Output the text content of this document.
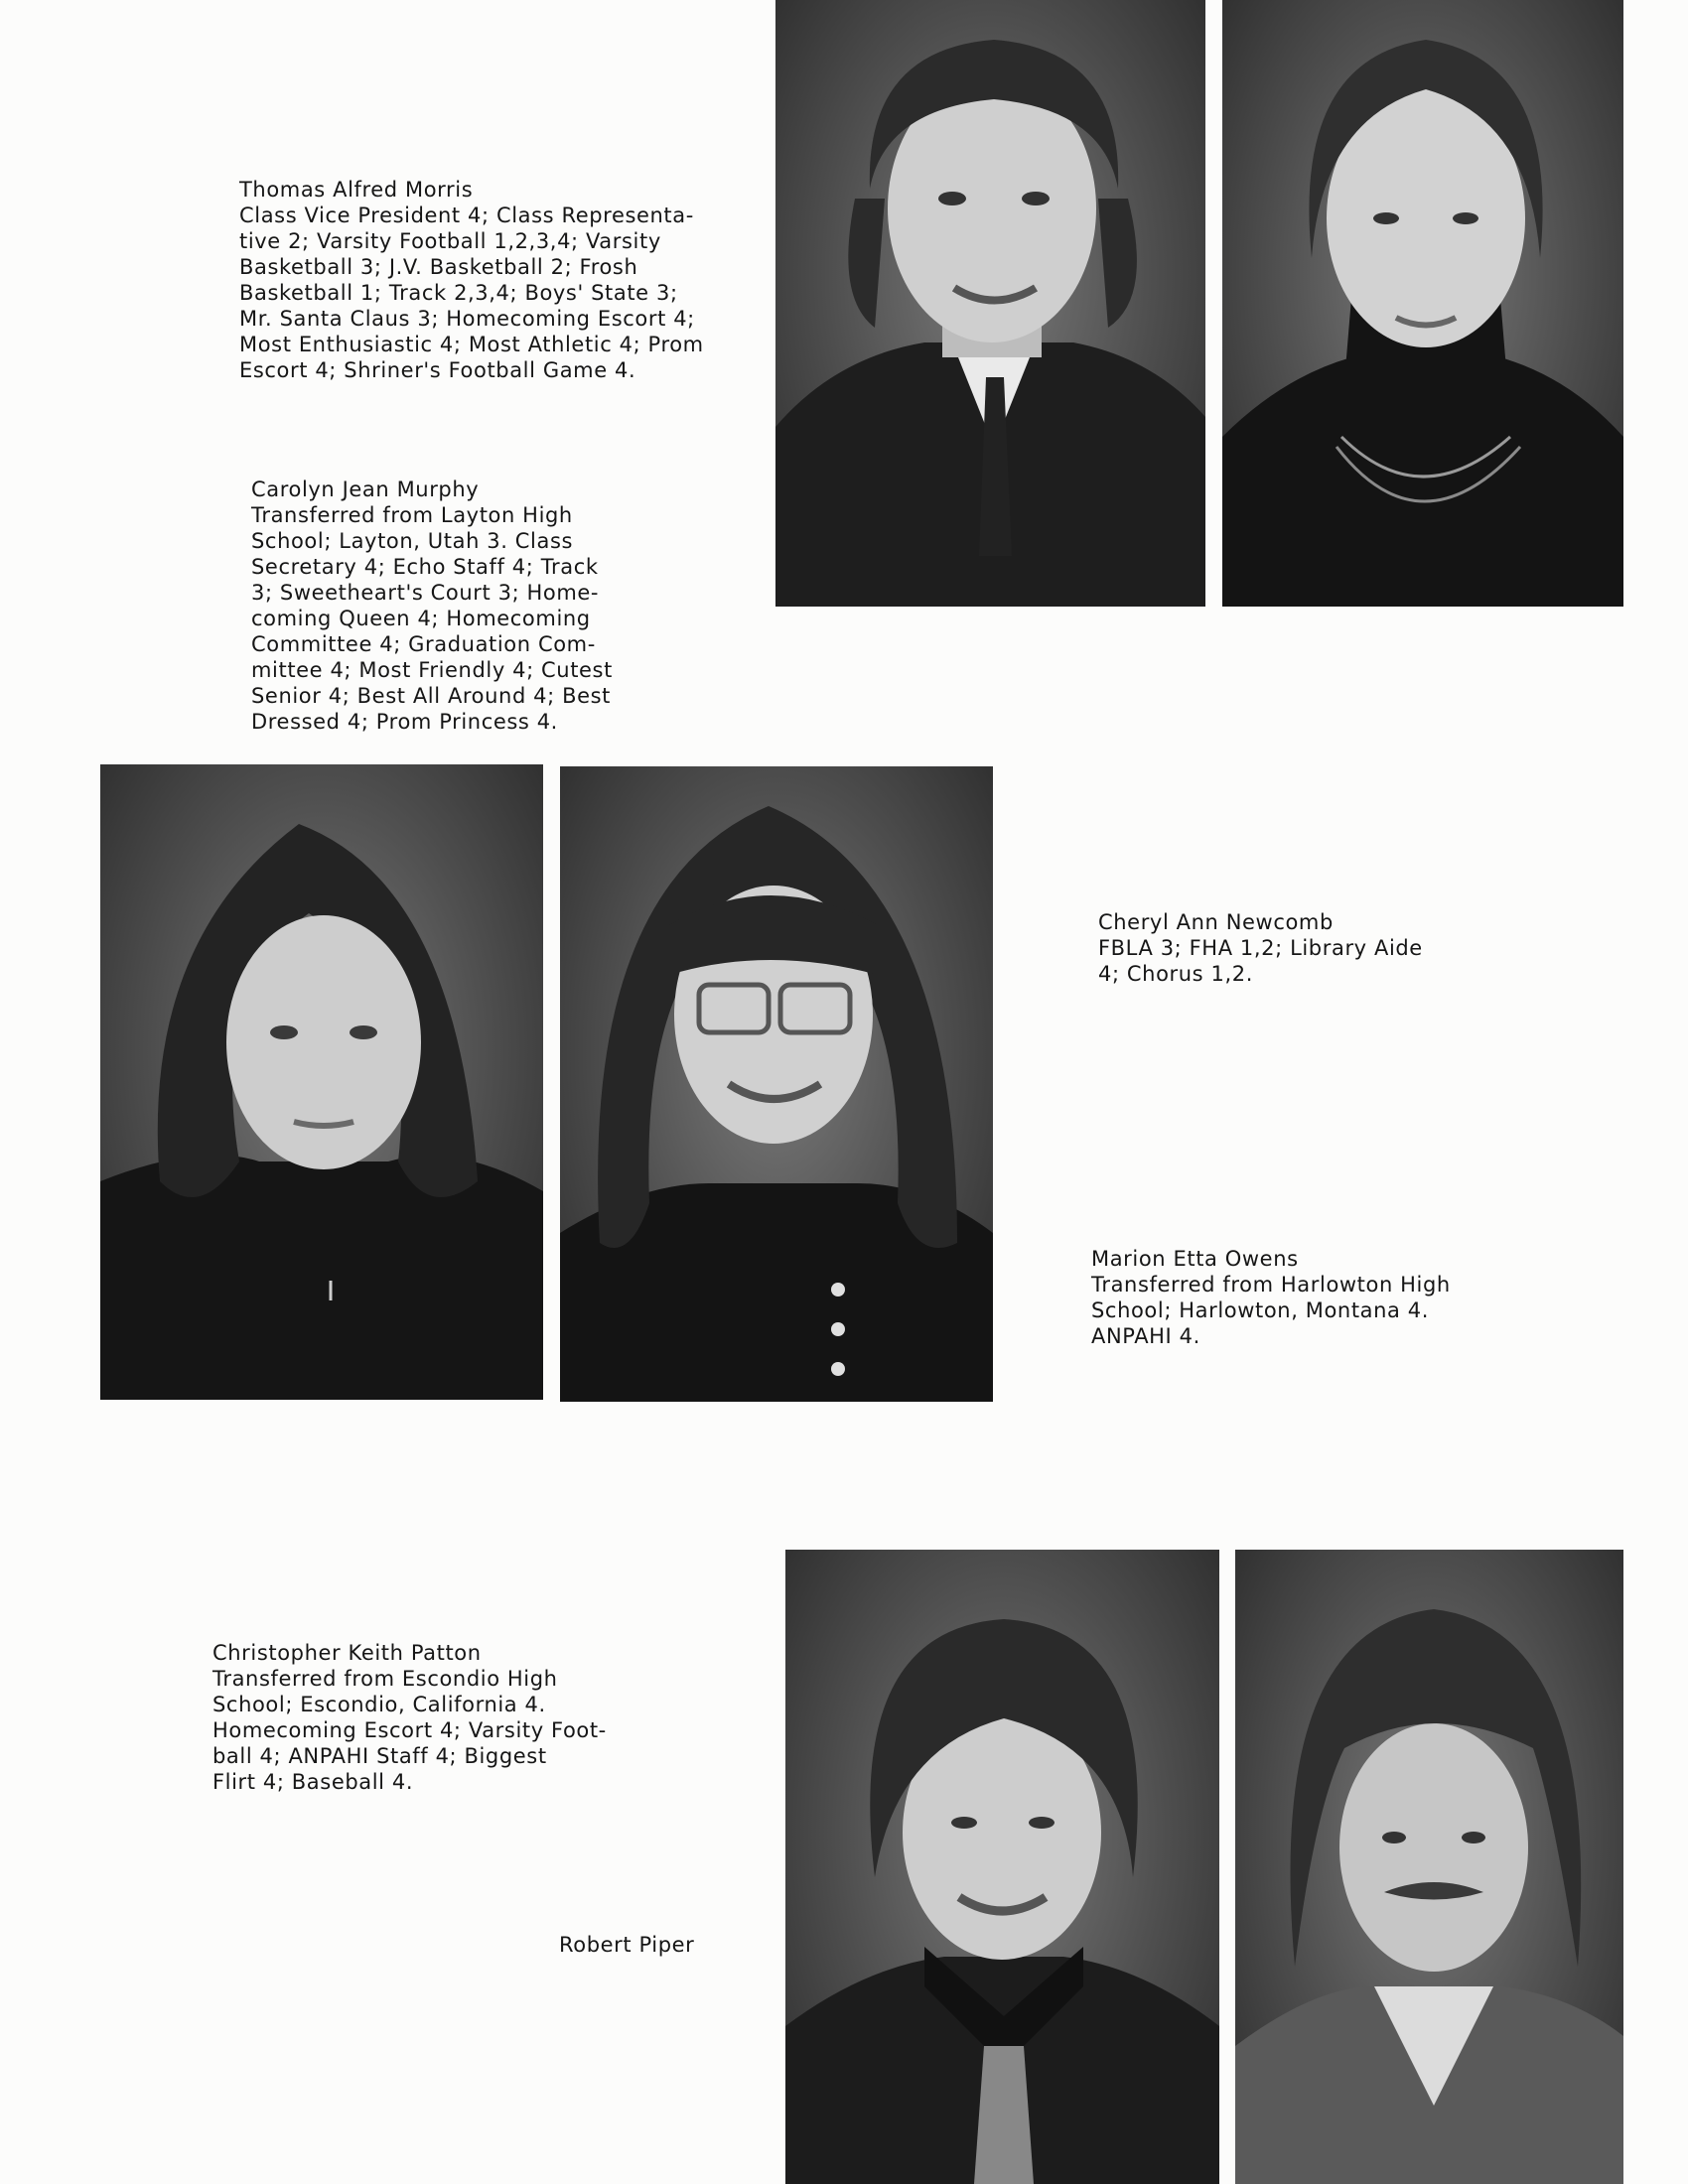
Thomas Alfred Morris
Class Vice President 4; Class Representa-
tive 2; Varsity Football 1,2,3,4; Varsity
Basketball 3; J.V. Basketball 2; Frosh
Basketball 1; Track 2,3,4; Boys' State 3;
Mr. Santa Claus 3; Homecoming Escort 4;
Most Enthusiastic 4; Most Athletic 4; Prom
Escort 4; Shriner's Football Game 4.
Carolyn Jean Murphy
Transferred from Layton High
School; Layton, Utah 3. Class
Secretary 4; Echo Staff 4; Track
3; Sweetheart's Court 3; Home-
coming Queen 4; Homecoming
Committee 4; Graduation Com-
mittee 4; Most Friendly 4; Cutest
Senior 4; Best All Around 4; Best
Dressed 4; Prom Princess 4.
Cheryl Ann Newcomb
FBLA 3; FHA 1,2; Library Aide
4; Chorus 1,2.
Marion Etta Owens
Transferred from Harlowton High
School; Harlowton, Montana 4.
ANPAHI 4.
Christopher Keith Patton
Transferred from Escondio High
School; Escondio, California 4.
Homecoming Escort 4; Varsity Foot-
ball 4; ANPAHI Staff 4; Biggest
Flirt 4; Baseball 4.
Robert Piper
